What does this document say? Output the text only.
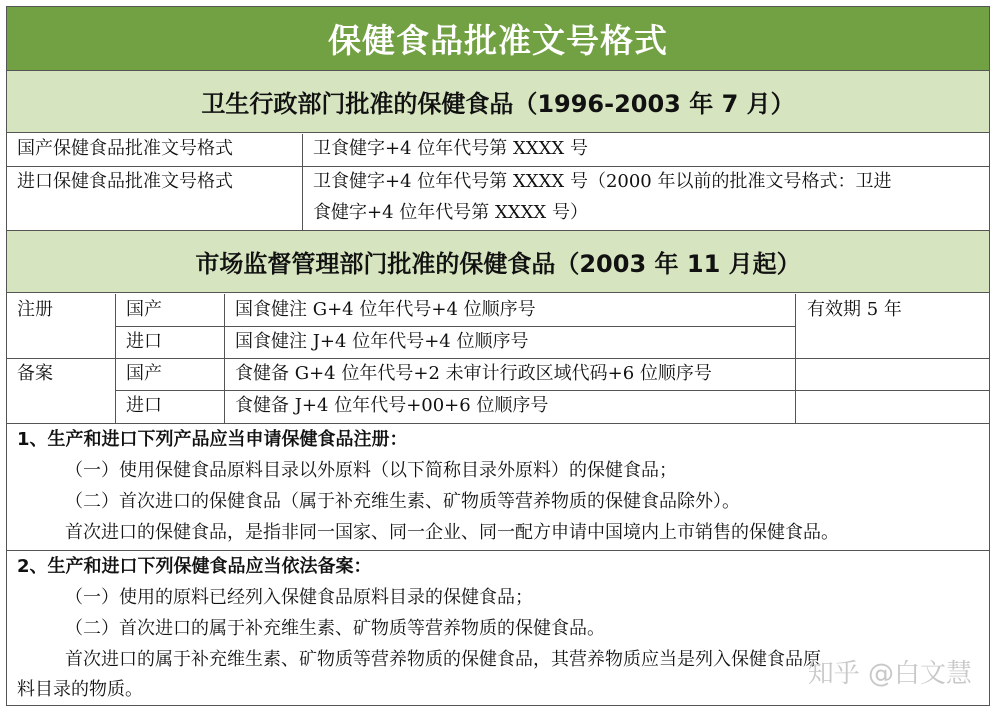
保健食品批准文号格式
卫生行政部门批准的保健食品（1996-2003 年 7 月）
国产保健食品批准文号格式	卫食健字+4 位年代号第 XXXX 号
进口保健食品批准文号格式	卫食健字+4 位年代号第 XXXX 号（2000 年以前的批准文号格式：卫进
食健字+4 位年代号第 XXXX 号）
市场监督管理部门批准的保健食品（2003 年 11 月起）
注册	国产	国食健注 G+4 位年代号+4 位顺序号	有效期 5 年
进口	国食健注 J+4 位年代号+4 位顺序号
备案	国产	食健备 G+4 位年代号+2 未审计行政区域代码+6 位顺序号
进口	食健备 J+4 位年代号+00+6 位顺序号
1、生产和进口下列产品应当申请保健食品注册：
（一）使用保健食品原料目录以外原料（以下简称目录外原料）的保健食品；
（二）首次进口的保健食品（属于补充维生素、矿物质等营养物质的保健食品除外）。
首次进口的保健食品，是指非同一国家、同一企业、同一配方申请中国境内上市销售的保健食品。
2、生产和进口下列保健食品应当依法备案：
（一）使用的原料已经列入保健食品原料目录的保健食品；
（二）首次进口的属于补充维生素、矿物质等营养物质的保健食品。
首次进口的属于补充维生素、矿物质等营养物质的保健食品，其营养物质应当是列入保健食品原
料目录的物质。
知乎 @白文慧
